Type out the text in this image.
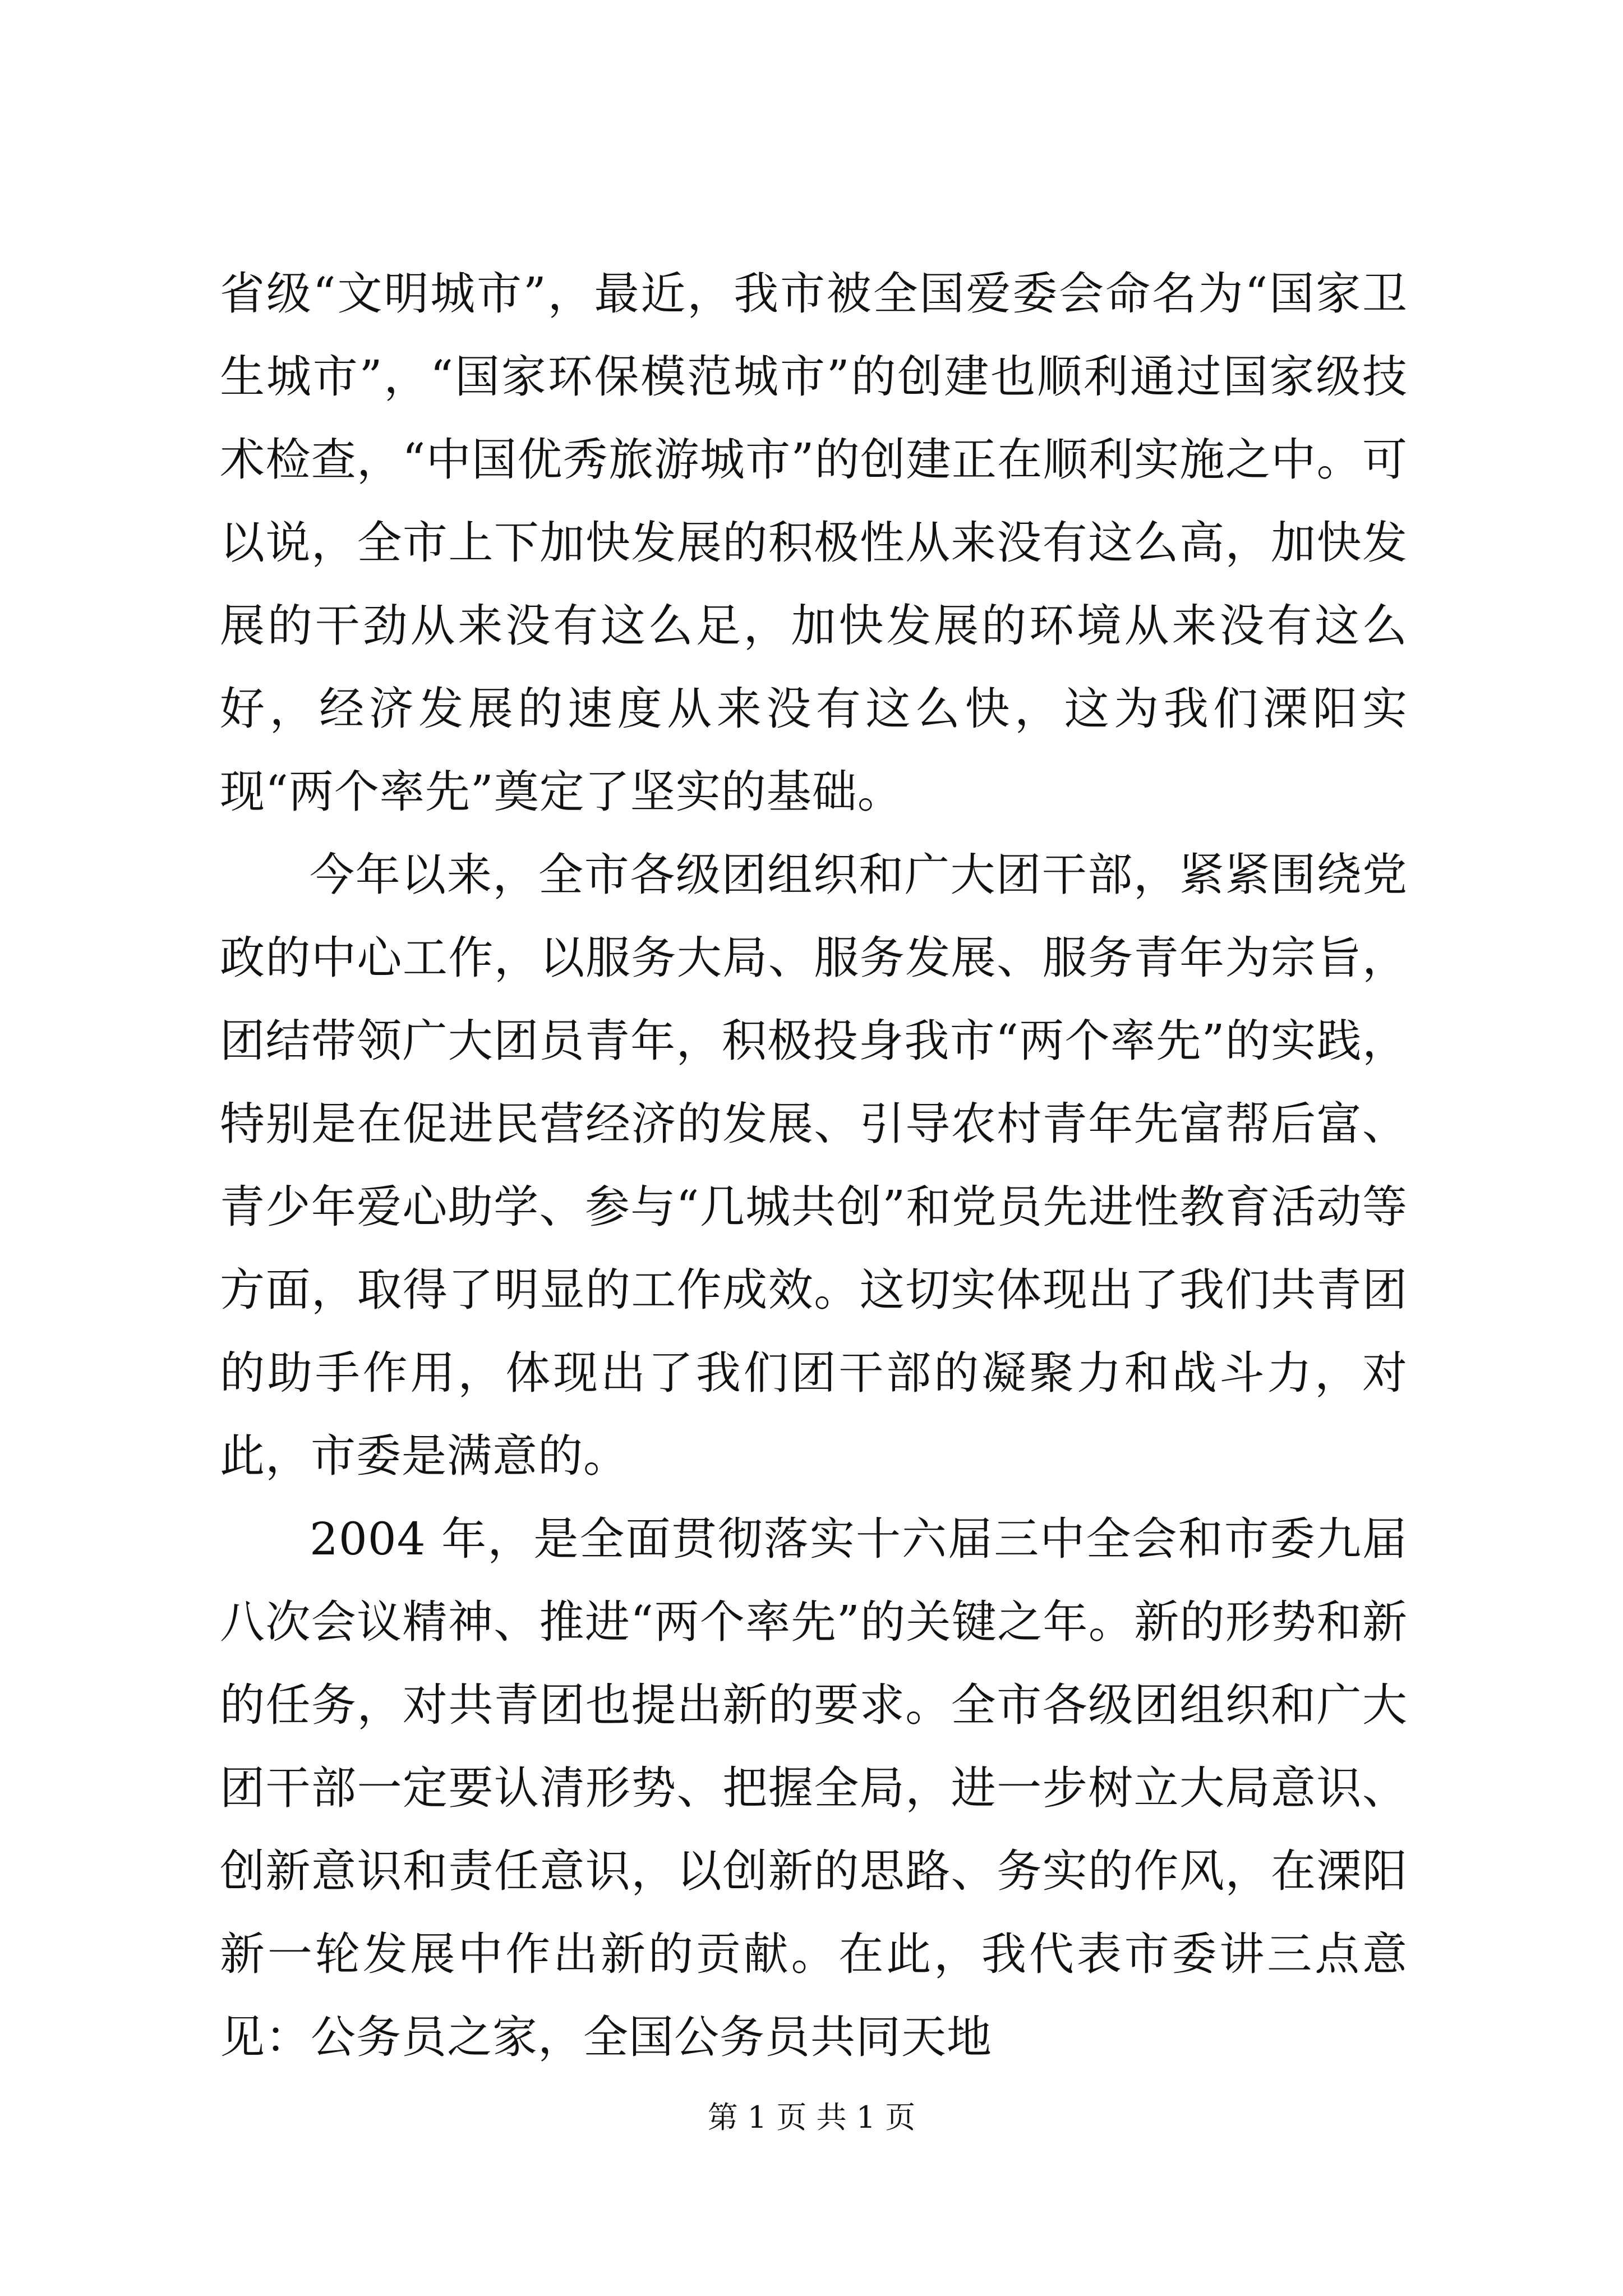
省级“文明城市”，最近，我市被全国爱委会命名为“国家卫生城市”，“国家环保模范城市”的创建也顺利通过国家级技术检查，“中国优秀旅游城市”的创建正在顺利实施之中。可以说，全市上下加快发展的积极性从来没有这么高，加快发展的干劲从来没有这么足，加快发展的环境从来没有这么好，经济发展的速度从来没有这么快，这为我们溧阳实现“两个率先”奠定了坚实的基础。

今年以来，全市各级团组织和广大团干部，紧紧围绕党政的中心工作，以服务大局、服务发展、服务青年为宗旨，团结带领广大团员青年，积极投身我市“两个率先”的实践，特别是在促进民营经济的发展、引导农村青年先富帮后富、青少年爱心助学、参与“几城共创”和党员先进性教育活动等方面，取得了明显的工作成效。这切实体现出了我们共青团的助手作用，体现出了我们团干部的凝聚力和战斗力，对此，市委是满意的。

2004 年，是全面贯彻落实十六届三中全会和市委九届八次会议精神、推进“两个率先”的关键之年。新的形势和新的任务，对共青团也提出新的要求。全市各级团组织和广大团干部一定要认清形势、把握全局，进一步树立大局意识、创新意识和责任意识，以创新的思路、务实的作风，在溧阳新一轮发展中作出新的贡献。在此，我代表市委讲三点意见：公务员之家，全国公务员共同天地

第 1 页 共 1 页
